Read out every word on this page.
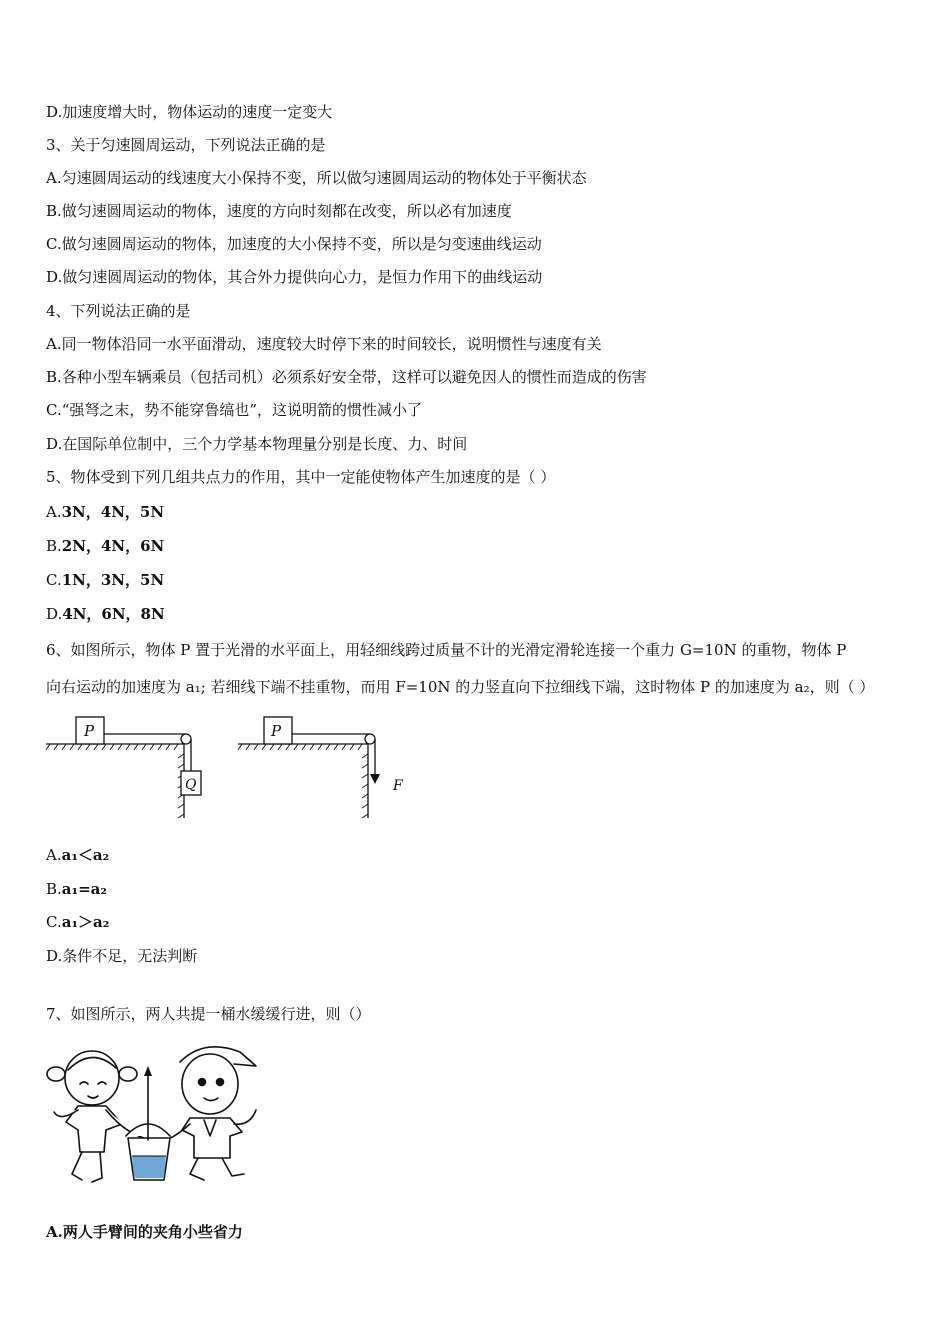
D.加速度增大时，物体运动的速度一定变大
3、关于匀速圆周运动，下列说法正确的是
A.匀速圆周运动的线速度大小保持不变，所以做匀速圆周运动的物体处于平衡状态
B.做匀速圆周运动的物体，速度的方向时刻都在改变，所以必有加速度
C.做匀速圆周运动的物体，加速度的大小保持不变，所以是匀变速曲线运动
D.做匀速圆周运动的物体，其合外力提供向心力，是恒力作用下的曲线运动
4、下列说法正确的是
A.同一物体沿同一水平面滑动，速度较大时停下来的时间较长，说明惯性与速度有关
B.各种小型车辆乘员（包括司机）必须系好安全带，这样可以避免因人的惯性而造成的伤害
C.“强弩之末，势不能穿鲁缟也”，这说明箭的惯性减小了
D.在国际单位制中，三个力学基本物理量分别是长度、力、时间
5、物体受到下列几组共点力的作用，其中一定能使物体产生加速度的是（ ）
A.3N，4N，5N
B.2N，4N，6N
C.1N，3N，5N
D.4N，6N，8N
6、如图所示，物体 P 置于光滑的水平面上，用轻细线跨过质量不计的光滑定滑轮连接一个重力 G=10N 的重物，物体 P
向右运动的加速度为 a₁; 若细线下端不挂重物，而用 F=10N 的力竖直向下拉细线下端，这时物体 P 的加速度为 a₂，则（ ）
P
Q
P
F
A.a₁＜a₂
B.a₁=a₂
C.a₁＞a₂
D.条件不足，无法判断
7、如图所示，两人共提一桶水缓缓行进，则（）
A.两人手臂间的夹角小些省力
